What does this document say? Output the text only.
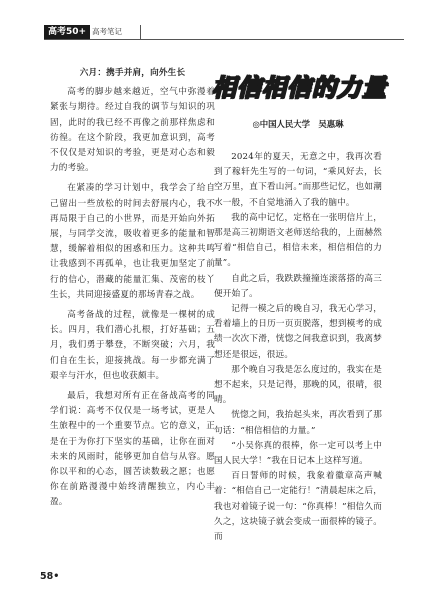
高考50+ 高考笔记

六月：携手并肩，向外生长

高考的脚步越来越近，空气中弥漫着紧张与期待。经过自我的调节与知识的巩固，此时的我已经不再像之前那样焦虑和彷徨。在这个阶段，我更加意识到，高考不仅仅是对知识的考验，更是对心态和毅力的考验。

在紧凑的学习计划中，我学会了给自己留出一些放松的时间去舒展内心，我不再局限于自己的小世界，而是开始向外拓展，与同学交流，吸收着更多的能量和智慧，缓解着相似的困惑和压力。这种共鸣让我感到不再孤单，也让我更加坚定了前行的信心，潜藏的能量汇集、茂密的枝丫生长，共同迎接盛夏的那场青春之战。

高考备战的过程，就像是一棵树的成长。四月，我们潜心扎根，打好基础；五月，我们勇于攀登，不断突破；六月，我们自在生长，迎接挑战。每一步都充满了艰辛与汗水，但也收获颇丰。

最后，我想对所有正在备战高考的同学们说：高考不仅仅是一场考试，更是人生旅程中的一个重要节点。它的意义，正是在于为你打下坚实的基础，让你在面对未来的风雨时，能够更加自信与从容。愿你以平和的心态，圆苦读数载之愿；也愿你在前路漫漫中始终清醒独立，内心丰盈。

相信相信的力量
◎中国人民大学　吴惠琳

2024年的夏天，无意之中，我再次看到了稼轩先生写的一句词，“乘风好去，长空万里，直下看山河。”而那些记忆，也如潮水一般，不自觉地涌入了我的脑中。

我的高中记忆，定格在一张明信片上，那是高三初期语文老师送给我的，上面赫然写着“相信自己，相信未来，相信相信的力量”。

自此之后，我跌跌撞撞连滚落搭的高三便开始了。

记得一模之后的晚自习，我无心学习，看着墙上的日历一页页脱落，想到模考的成绩一次次下滑，恍惚之间我意识到，我离梦想还是很远，很远。

那个晚自习我是怎么度过的，我实在是想不起来，只是记得，那晚的风，很晴，很晴。

恍惚之间，我抬起头来，再次看到了那句话：“相信相信的力量。”

“小吴你真的很棒，你一定可以考上中国人民大学！”我在日记本上这样写道。

百日誓师的时候，我象着徽章高声喊着：“相信自己一定能行！”清晨起床之后，我也对着镜子说一句：“你真棒！”相信久而久之，这块镜子就会变成一面很棒的镜子。而

58•
